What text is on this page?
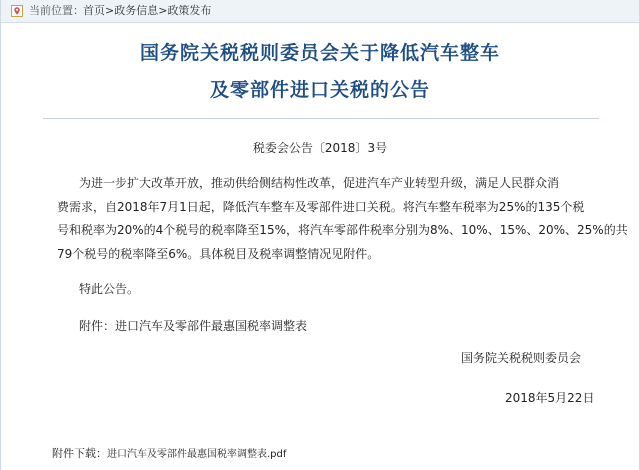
当前位置： 首页>政务信息>政策发布
国务院关税税则委员会关于降低汽车整车
及零部件进口关税的公告
税委会公告〔2018〕3号
为进一步扩大改革开放，推动供给侧结构性改革，促进汽车产业转型升级，满足人民群众消
费需求，自2018年7月1日起，降低汽车整车及零部件进口关税。将汽车整车税率为25%的135个税
号和税率为20%的4个税号的税率降至15%，将汽车零部件税率分别为8%、10%、15%、20%、25%的共
79个税号的税率降至6%。具体税目及税率调整情况见附件。
特此公告。
附件：进口汽车及零部件最惠国税率调整表
国务院关税税则委员会
2018年5月22日
附件下载：进口汽车及零部件最惠国税率调整表.pdf
